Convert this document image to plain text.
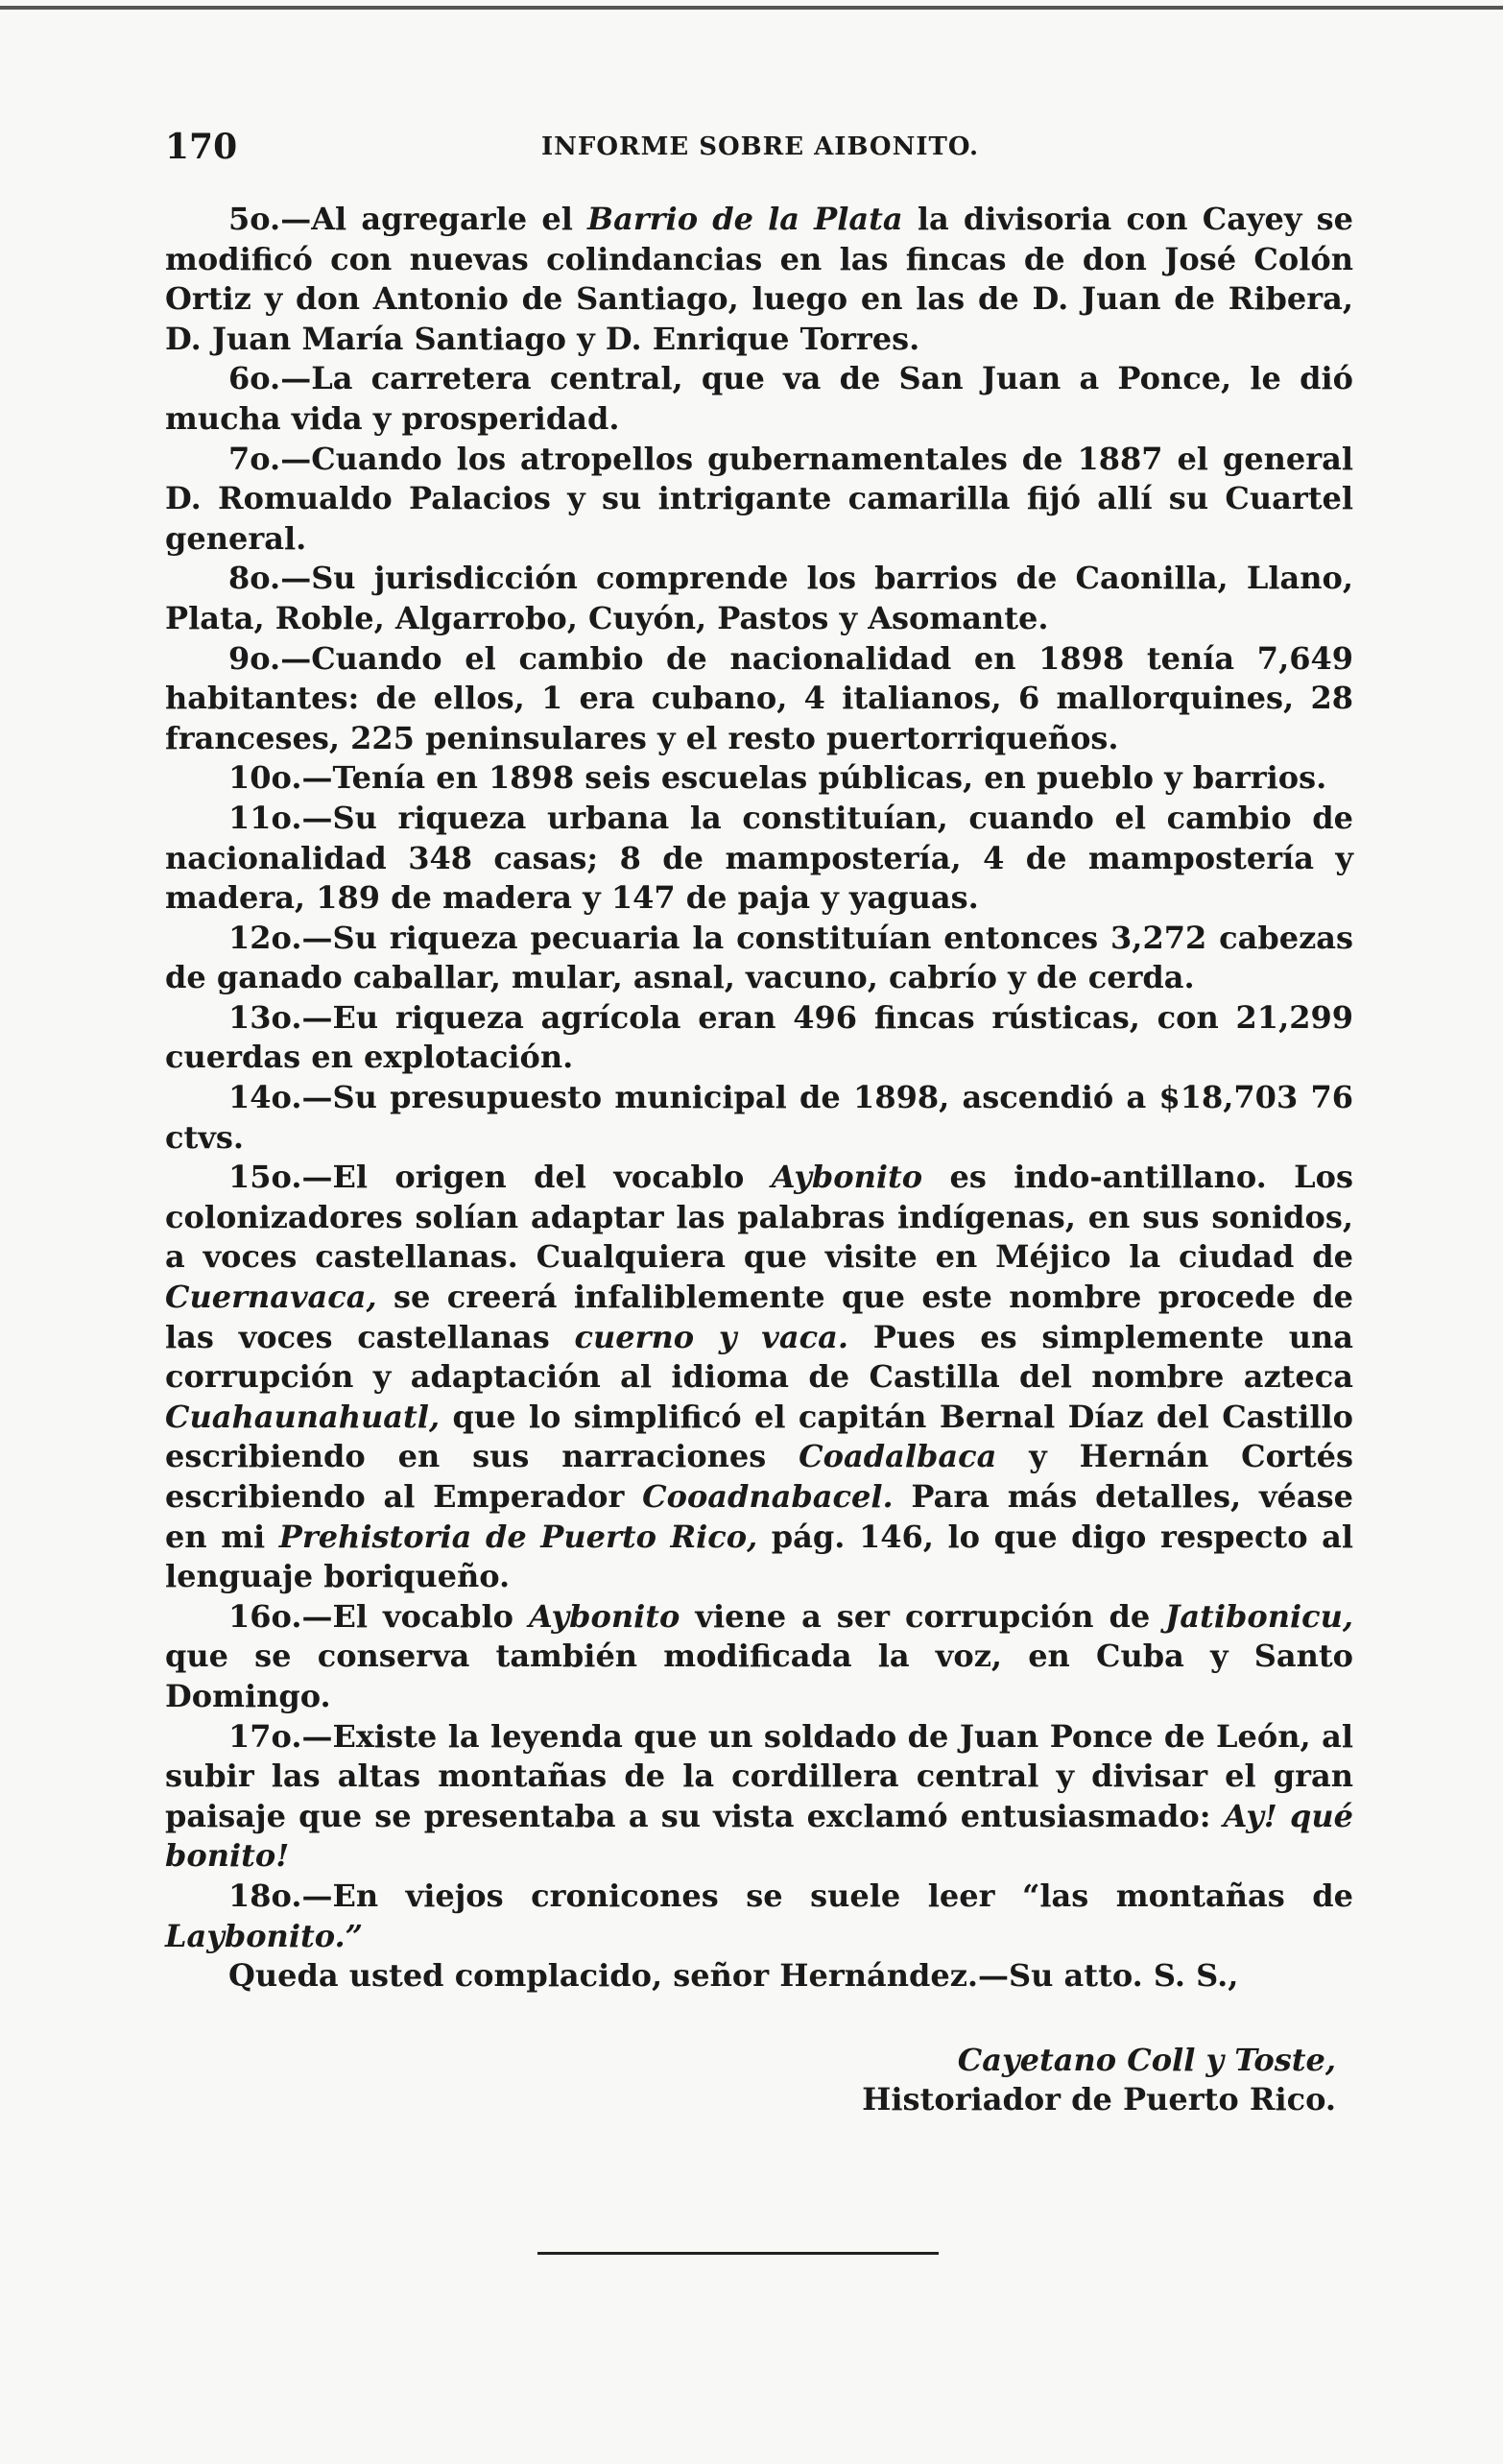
170	INFORME SOBRE AIBONITO.

5o.—Al agregarle el Barrio de la Plata la divisoria con Cayey se modificó con nuevas colindancias en las fincas de don José Colón Ortiz y don Antonio de Santiago, luego en las de D. Juan de Ribera, D. Juan María Santiago y D. Enrique Torres.

6o.—La carretera central, que va de San Juan a Ponce, le dió mucha vida y prosperidad.

7o.—Cuando los atropellos gubernamentales de 1887 el general D. Romualdo Palacios y su intrigante camarilla fijó allí su Cuartel general.

8o.—Su jurisdicción comprende los barrios de Caonilla, Llano, Plata, Roble, Algarrobo, Cuyón, Pastos y Asomante.

9o.—Cuando el cambio de nacionalidad en 1898 tenía 7,649 habitantes: de ellos, 1 era cubano, 4 italianos, 6 mallorquines, 28 franceses, 225 peninsulares y el resto puertorriqueños.

10o.—Tenía en 1898 seis escuelas públicas, en pueblo y barrios.

11o.—Su riqueza urbana la constituían, cuando el cambio de nacionalidad 348 casas; 8 de mampostería, 4 de mampostería y madera, 189 de madera y 147 de paja y yaguas.

12o.—Su riqueza pecuaria la constituían entonces 3,272 cabezas de ganado caballar, mular, asnal, vacuno, cabrío y de cerda.

13o.—Eu riqueza agrícola eran 496 fincas rústicas, con 21,299 cuerdas en explotación.

14o.—Su presupuesto municipal de 1898, ascendió a $18,703 76 ctvs.

15o.—El origen del vocablo Aybonito es indo-antillano. Los colonizadores solían adaptar las palabras indígenas, en sus sonidos, a voces castellanas. Cualquiera que visite en Méjico la ciudad de Cuernavaca, se creerá infaliblemente que este nombre procede de las voces castellanas cuerno y vaca. Pues es simplemente una corrupción y adaptación al idioma de Castilla del nombre azteca Cuahaunahuatl, que lo simplificó el capitán Bernal Díaz del Castillo escribiendo en sus narraciones Coadalbaca y Hernán Cortés escribiendo al Emperador Cooadnabacel. Para más detalles, véase en mi Prehistoria de Puerto Rico, pág. 146, lo que digo respecto al lenguaje boriqueño.

16o.—El vocablo Aybonito viene a ser corrupción de Jatibonicu, que se conserva también modificada la voz, en Cuba y Santo Domingo.

17o.—Existe la leyenda que un soldado de Juan Ponce de León, al subir las altas montañas de la cordillera central y divisar el gran paisaje que se presentaba a su vista exclamó entusiasmado: Ay! qué bonito!

18o.—En viejos cronicones se suele leer “las montañas de Laybonito.”

Queda usted complacido, señor Hernández.—Su atto. S. S.,

Cayetano Coll y Toste,
Historiador de Puerto Rico.
